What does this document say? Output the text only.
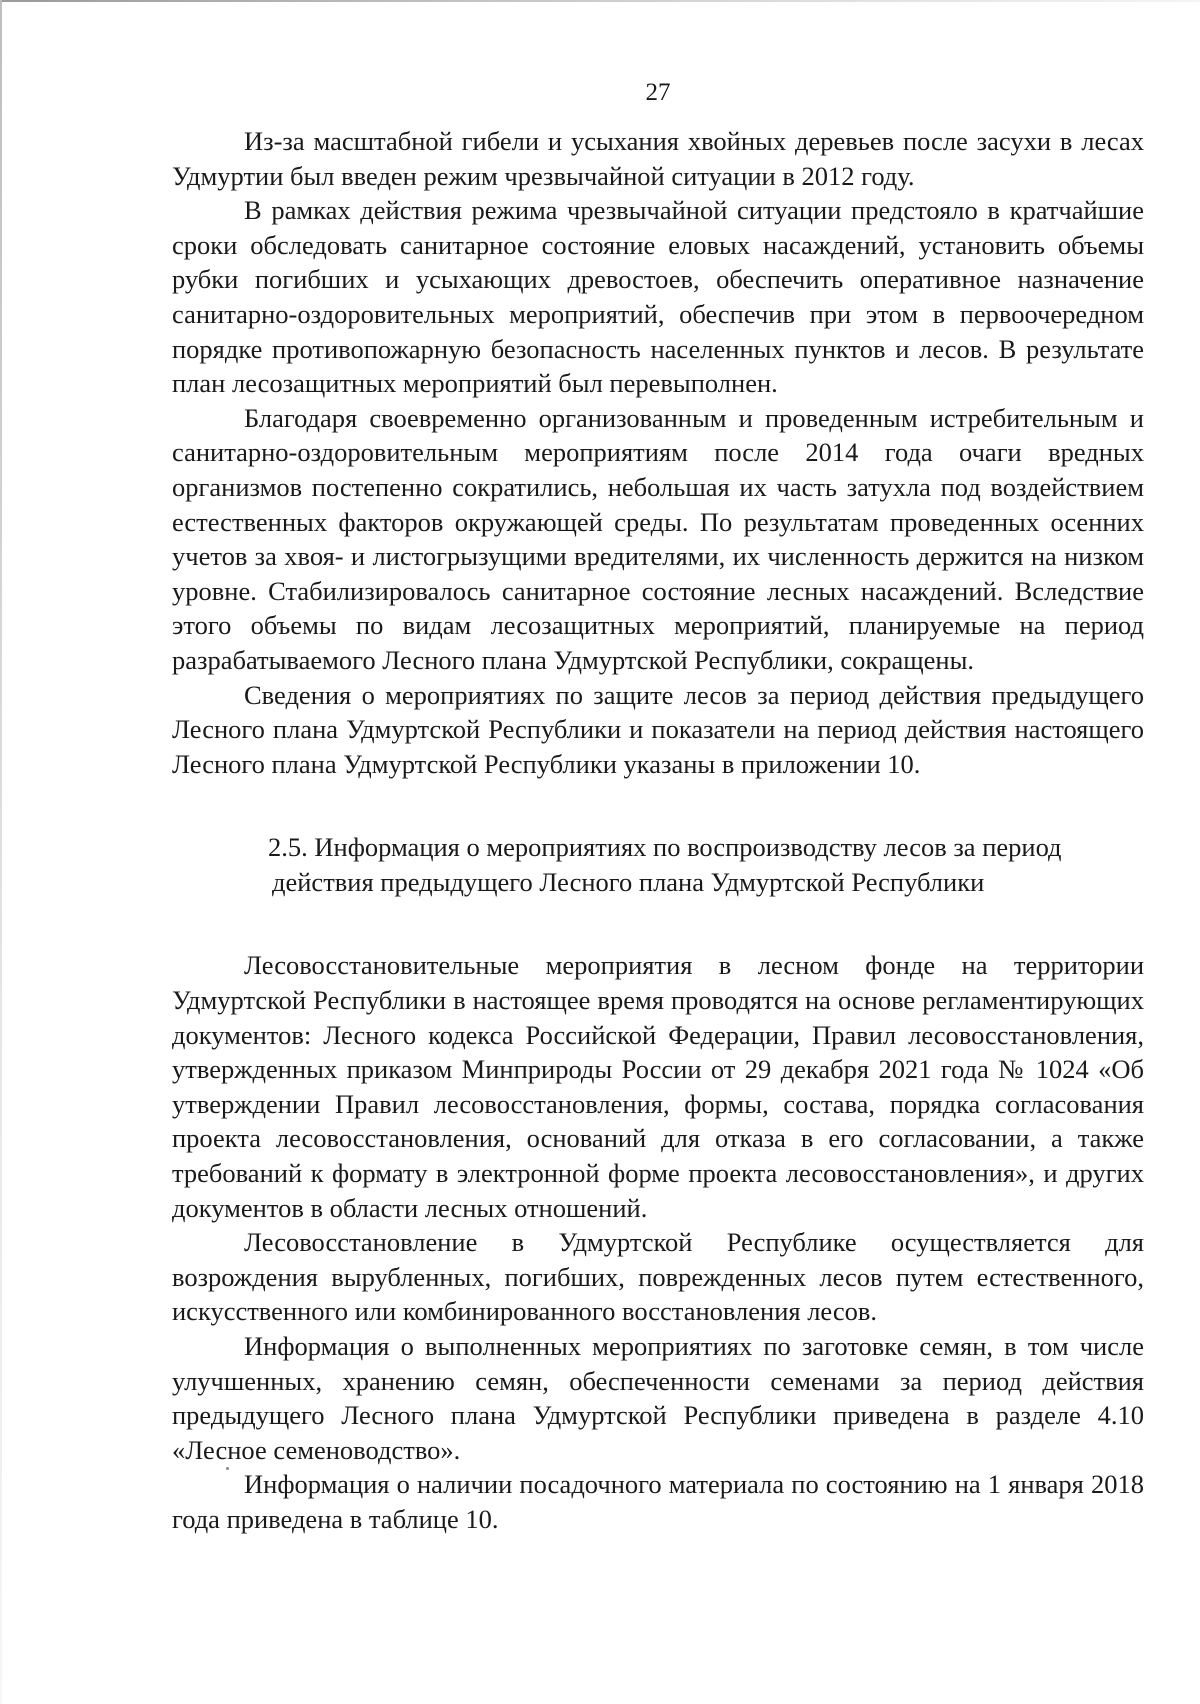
27

Из-за масштабной гибели и усыхания хвойных деревьев после засухи в лесах Удмуртии был введен режим чрезвычайной ситуации в 2012 году.

В рамках действия режима чрезвычайной ситуации предстояло в кратчайшие сроки обследовать санитарное состояние еловых насаждений, установить объемы рубки погибших и усыхающих древостоев, обеспечить оперативное назначение санитарно-оздоровительных мероприятий, обеспечив при этом в первоочередном порядке противопожарную безопасность населенных пунктов и лесов. В результате план лесозащитных мероприятий был перевыполнен.

Благодаря своевременно организованным и проведенным истребительным и санитарно-оздоровительным мероприятиям после 2014 года очаги вредных организмов постепенно сократились, небольшая их часть затухла под воздействием естественных факторов окружающей среды. По результатам проведенных осенних учетов за хвоя- и листогрызущими вредителями, их численность держится на низком уровне. Стабилизировалось санитарное состояние лесных насаждений. Вследствие этого объемы по видам лесозащитных мероприятий, планируемые на период разрабатываемого Лесного плана Удмуртской Республики, сокращены.

Сведения о мероприятиях по защите лесов за период действия предыдущего Лесного плана Удмуртской Республики и показатели на период действия настоящего Лесного плана Удмуртской Республики указаны в приложении 10.

2.5. Информация о мероприятиях по воспроизводству лесов за период
действия предыдущего Лесного плана Удмуртской Республики

Лесовосстановительные мероприятия в лесном фонде на территории Удмуртской Республики в настоящее время проводятся на основе регламентирующих документов: Лесного кодекса Российской Федерации, Правил лесовосстановления, утвержденных приказом Минприроды России от 29 декабря 2021 года № 1024 «Об утверждении Правил лесовосстановления, формы, состава, порядка согласования проекта лесовосстановления, оснований для отказа в его согласовании, а также требований к формату в электронной форме проекта лесовосстановления», и других документов в области лесных отношений.

Лесовосстановление в Удмуртской Республике осуществляется для возрождения вырубленных, погибших, поврежденных лесов путем естественного, искусственного или комбинированного восстановления лесов.

Информация о выполненных мероприятиях по заготовке семян, в том числе улучшенных, хранению семян, обеспеченности семенами за период действия предыдущего Лесного плана Удмуртской Республики приведена в разделе 4.10 «Лесное семеноводство».

Информация о наличии посадочного материала по состоянию на 1 января 2018 года приведена в таблице 10.
